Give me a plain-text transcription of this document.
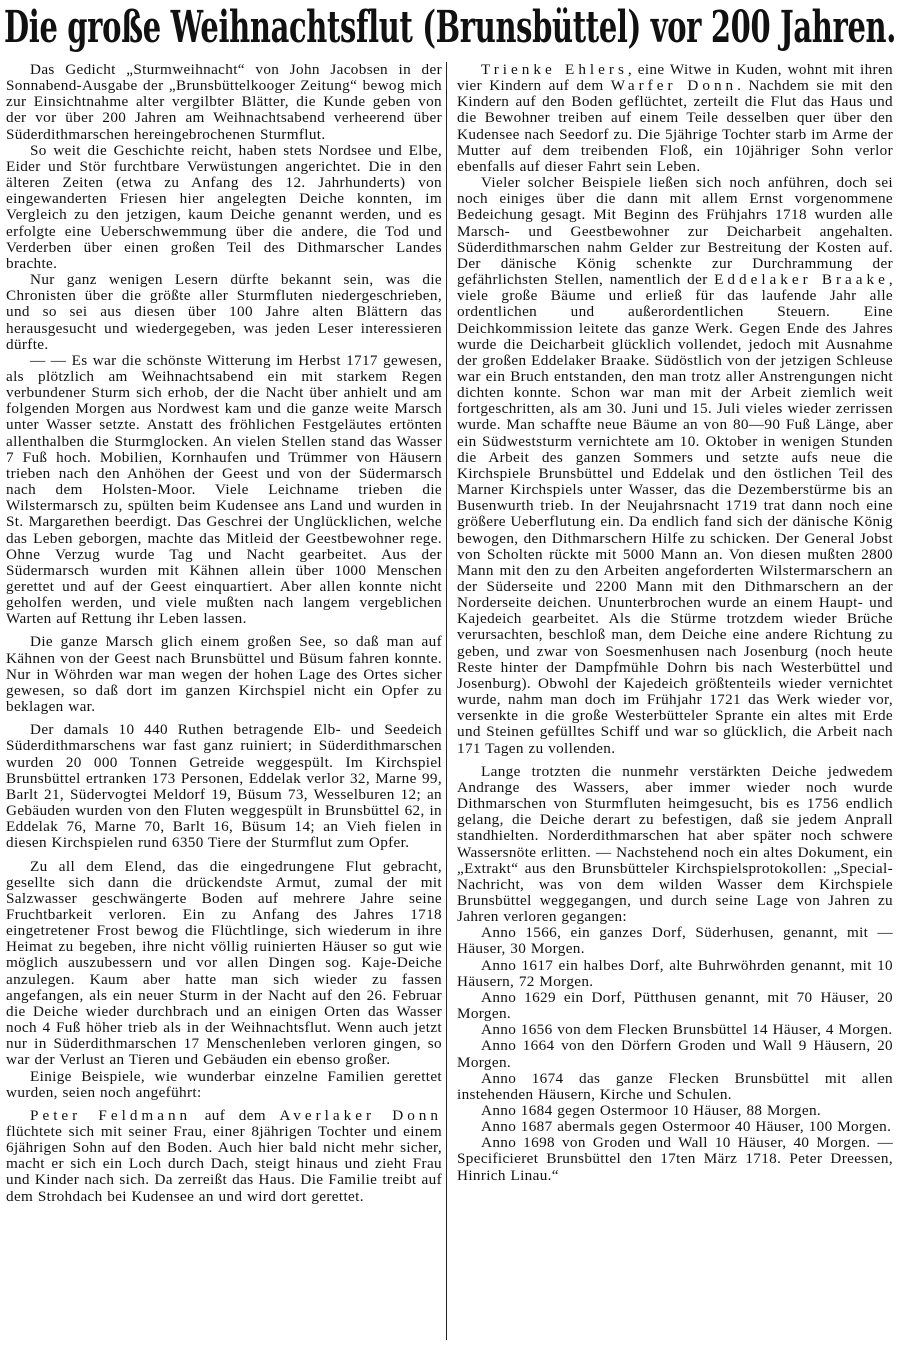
Die große Weihnachtsflut (Brunsbüttel) vor 200 Jahren.

Das Gedicht „Sturmweihnacht“ von John Jacobsen in der Sonnabend-Ausgabe der „Brunsbüttelkooger Zeitung“ bewog mich zur Einsichtnahme alter vergilbter Blätter, die Kunde geben von der vor über 200 Jahren am Weihnachtsabend verheerend über Süderdithmarschen hereingebrochenen Sturmflut.

So weit die Geschichte reicht, haben stets Nordsee und Elbe, Eider und Stör furchtbare Verwüstungen angerichtet. Die in den älteren Zeiten (etwa zu Anfang des 12. Jahrhunderts) von eingewanderten Friesen hier angelegten Deiche konnten, im Vergleich zu den jetzigen, kaum Deiche genannt werden, und es erfolgte eine Ueberschwemmung über die andere, die Tod und Verderben über einen großen Teil des Dithmarscher Landes brachte.

Nur ganz wenigen Lesern dürfte bekannt sein, was die Chronisten über die größte aller Sturmfluten niedergeschrieben, und so sei aus diesen über 100 Jahre alten Blättern das herausgesucht und wiedergegeben, was jeden Leser interessieren dürfte.

— — Es war die schönste Witterung im Herbst 1717 gewesen, als plötzlich am Weihnachtsabend ein mit starkem Regen verbundener Sturm sich erhob, der die Nacht über anhielt und am folgenden Morgen aus Nordwest kam und die ganze weite Marsch unter Wasser setzte. Anstatt des fröhlichen Festgeläutes ertönten allenthalben die Sturmglocken. An vielen Stellen stand das Wasser 7 Fuß hoch. Mobilien, Kornhaufen und Trümmer von Häusern trieben nach den Anhöhen der Geest und von der Südermarsch nach dem Holsten-Moor. Viele Leichname trieben die Wilstermarsch zu, spülten beim Kudensee ans Land und wurden in St. Margarethen beerdigt. Das Geschrei der Unglücklichen, welche das Leben geborgen, machte das Mitleid der Geestbewohner rege. Ohne Verzug wurde Tag und Nacht gearbeitet. Aus der Südermarsch wurden mit Kähnen allein über 1000 Menschen gerettet und auf der Geest einquartiert. Aber allen konnte nicht geholfen werden, und viele mußten nach langem vergeblichen Warten auf Rettung ihr Leben lassen.

Die ganze Marsch glich einem großen See, so daß man auf Kähnen von der Geest nach Brunsbüttel und Büsum fahren konnte. Nur in Wöhrden war man wegen der hohen Lage des Ortes sicher gewesen, so daß dort im ganzen Kirchspiel nicht ein Opfer zu beklagen war.

Der damals 10 440 Ruthen betragende Elb- und Seedeich Süderdithmarschens war fast ganz ruiniert; in Süderdithmarschen wurden 20 000 Tonnen Getreide weggespült. Im Kirchspiel Brunsbüttel ertranken 173 Personen, Eddelak verlor 32, Marne 99, Barlt 21, Südervogtei Meldorf 19, Büsum 73, Wesselburen 12; an Gebäuden wurden von den Fluten weggespült in Brunsbüttel 62, in Eddelak 76, Marne 70, Barlt 16, Büsum 14; an Vieh fielen in diesen Kirchspielen rund 6350 Tiere der Sturmflut zum Opfer.

Zu all dem Elend, das die eingedrungene Flut gebracht, gesellte sich dann die drückendste Armut, zumal der mit Salzwasser geschwängerte Boden auf mehrere Jahre seine Fruchtbarkeit verloren. Ein zu Anfang des Jahres 1718 eingetretener Frost bewog die Flüchtlinge, sich wiederum in ihre Heimat zu begeben, ihre nicht völlig ruinierten Häuser so gut wie möglich auszubessern und vor allen Dingen sog. Kaje-Deiche anzulegen. Kaum aber hatte man sich wieder zu fassen angefangen, als ein neuer Sturm in der Nacht auf den 26. Februar die Deiche wieder durchbrach und an einigen Orten das Wasser noch 4 Fuß höher trieb als in der Weihnachtsflut. Wenn auch jetzt nur in Süderdithmarschen 17 Menschenleben verloren gingen, so war der Verlust an Tieren und Gebäuden ein ebenso großer.

Einige Beispiele, wie wunderbar einzelne Familien gerettet wurden, seien noch angeführt:

Peter Feldmann auf dem Averlaker Donn flüchtete sich mit seiner Frau, einer 8jährigen Tochter und einem 6jährigen Sohn auf den Boden. Auch hier bald nicht mehr sicher, macht er sich ein Loch durch Dach, steigt hinaus und zieht Frau und Kinder nach sich. Da zerreißt das Haus. Die Familie treibt auf dem Strohdach bei Kudensee an und wird dort gerettet.

Trienke Ehlers, eine Witwe in Kuden, wohnt mit ihren vier Kindern auf dem Warfer Donn. Nachdem sie mit den Kindern auf den Boden geflüchtet, zerteilt die Flut das Haus und die Bewohner treiben auf einem Teile desselben quer über den Kudensee nach Seedorf zu. Die 5jährige Tochter starb im Arme der Mutter auf dem treibenden Floß, ein 10jähriger Sohn verlor ebenfalls auf dieser Fahrt sein Leben.

Vieler solcher Beispiele ließen sich noch anführen, doch sei noch einiges über die dann mit allem Ernst vorgenommene Bedeichung gesagt. Mit Beginn des Frühjahrs 1718 wurden alle Marsch- und Geestbewohner zur Deicharbeit angehalten. Süderdithmarschen nahm Gelder zur Bestreitung der Kosten auf. Der dänische König schenkte zur Durchrammung der gefährlichsten Stellen, namentlich der Eddelaker Braake, viele große Bäume und erließ für das laufende Jahr alle ordentlichen und außerordentlichen Steuern. Eine Deichkommission leitete das ganze Werk. Gegen Ende des Jahres wurde die Deicharbeit glücklich vollendet, jedoch mit Ausnahme der großen Eddelaker Braake. Südöstlich von der jetzigen Schleuse war ein Bruch entstanden, den man trotz aller Anstrengungen nicht dichten konnte. Schon war man mit der Arbeit ziemlich weit fortgeschritten, als am 30. Juni und 15. Juli vieles wieder zerrissen wurde. Man schaffte neue Bäume an von 80—90 Fuß Länge, aber ein Südweststurm vernichtete am 10. Oktober in wenigen Stunden die Arbeit des ganzen Sommers und setzte aufs neue die Kirchspiele Brunsbüttel und Eddelak und den östlichen Teil des Marner Kirchspiels unter Wasser, das die Dezemberstürme bis an Busenwurth trieb. In der Neujahrsnacht 1719 trat dann noch eine größere Ueberflutung ein. Da endlich fand sich der dänische König bewogen, den Dithmarschern Hilfe zu schicken. Der General Jobst von Scholten rückte mit 5000 Mann an. Von diesen mußten 2800 Mann mit den zu den Arbeiten angeforderten Wilstermarschern an der Süderseite und 2200 Mann mit den Dithmarschern an der Norderseite deichen. Ununterbrochen wurde an einem Haupt- und Kajedeich gearbeitet. Als die Stürme trotzdem wieder Brüche verursachten, beschloß man, dem Deiche eine andere Richtung zu geben, und zwar von Soesmenhusen nach Josenburg (noch heute Reste hinter der Dampfmühle Dohrn bis nach Westerbüttel und Josenburg). Obwohl der Kajedeich größtenteils wieder vernichtet wurde, nahm man doch im Frühjahr 1721 das Werk wieder vor, versenkte in die große Westerbütteler Sprante ein altes mit Erde und Steinen gefülltes Schiff und war so glücklich, die Arbeit nach 171 Tagen zu vollenden.

Lange trotzten die nunmehr verstärkten Deiche jedwedem Andrange des Wassers, aber immer wieder noch wurde Dithmarschen von Sturmfluten heimgesucht, bis es 1756 endlich gelang, die Deiche derart zu befestigen, daß sie jedem Anprall standhielten. Norderdithmarschen hat aber später noch schwere Wassersnöte erlitten. — Nachstehend noch ein altes Dokument, ein „Extrakt“ aus den Brunsbütteler Kirchspielsprotokollen: „Special-Nachricht, was von dem wilden Wasser dem Kirchspiele Brunsbüttel weggegangen, und durch seine Lage von Jahren zu Jahren verloren gegangen:

Anno 1566, ein ganzes Dorf, Süderhusen, genannt, mit — Häuser, 30 Morgen.

Anno 1617 ein halbes Dorf, alte Buhrwöhrden genannt, mit 10 Häusern, 72 Morgen.

Anno 1629 ein Dorf, Pütthusen genannt, mit 70 Häuser, 20 Morgen.

Anno 1656 von dem Flecken Brunsbüttel 14 Häuser, 4 Morgen.

Anno 1664 von den Dörfern Groden und Wall 9 Häusern, 20 Morgen.

Anno 1674 das ganze Flecken Brunsbüttel mit allen instehenden Häusern, Kirche und Schulen.

Anno 1684 gegen Ostermoor 10 Häuser, 88 Morgen.

Anno 1687 abermals gegen Ostermoor 40 Häuser, 100 Morgen.

Anno 1698 von Groden und Wall 10 Häuser, 40 Morgen. — Specificieret Brunsbüttel den 17ten März 1718. Peter Dreessen, Hinrich Linau.“
